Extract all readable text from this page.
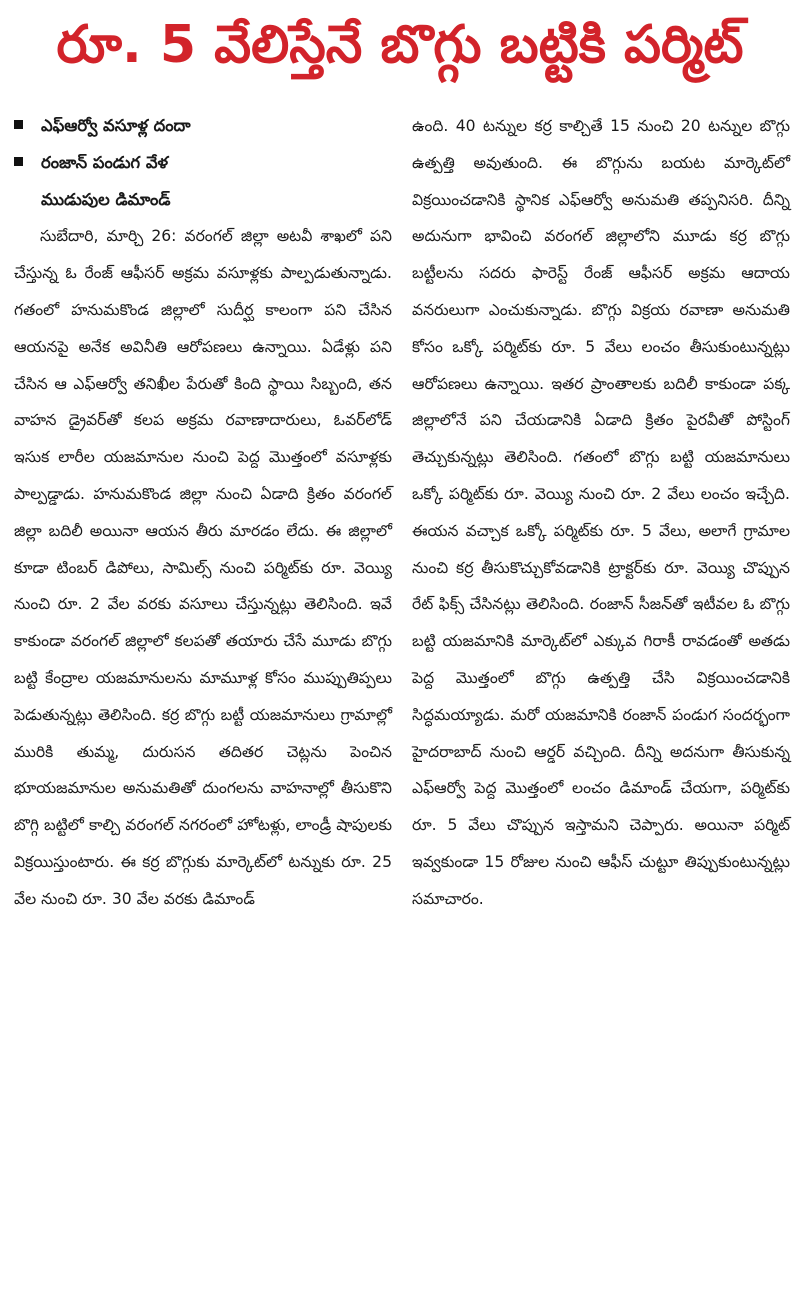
రూ. 5 వేలిస్తేనే బొగ్గు బట్టికి పర్మిట్
ఎఫ్‌ఆర్వో వసూళ్ల దందా
రంజాన్ పండుగ వేళ
ముడుపుల డిమాండ్

సుబేదారి, మార్చి 26: వరంగల్ జిల్లా అటవీ శాఖలో పని చేస్తున్న ఓ రేంజ్ ఆఫీసర్ అక్రమ వసూళ్లకు పాల్పడుతున్నాడు. గతంలో హనుమకొండ జిల్లాలో సుదీర్ఘ కాలంగా పని చేసిన ఆయనపై అనేక అవినీతి ఆరోపణలు ఉన్నాయి. ఏడేళ్లు పని చేసిన ఆ ఎఫ్‌ఆర్వో తనిఖీల పేరుతో కింది స్థాయి సిబ్బంది, తన వాహన డ్రైవర్‌తో కలప అక్రమ రవాణాదారులు, ఓవర్‌లోడ్ ఇసుక లారీల యజమానుల నుంచి పెద్ద మొత్తంలో వసూళ్లకు పాల్పడ్డాడు. హనుమకొండ జిల్లా నుంచి ఏడాది క్రితం వరంగల్ జిల్లా బదిలీ అయినా ఆయన తీరు మారడం లేదు. ఈ జిల్లాలో కూడా టింబర్ డిపోలు, సామిల్స్ నుంచి పర్మిట్‌కు రూ. వెయ్యి నుంచి రూ. 2 వేల వరకు వసూలు చేస్తున్నట్లు తెలిసింది. ఇవే కాకుండా వరంగల్ జిల్లాలో కలపతో తయారు చేసే మూడు బొగ్గు బట్టి కేంద్రాల యజమానులను మామూళ్ల కోసం ముప్పుతిప్పలు పెడుతున్నట్లు తెలిసింది. కర్ర బొగ్గు బట్టీ యజమానులు గ్రామాల్లో మురికి తుమ్మ, దురుసన తదితర చెట్లను పెంచిన భూయజమానుల అనుమతితో దుంగలను వాహనాల్లో తీసుకొని బొగ్గి బట్టిలో కాల్చి వరంగల్ నగరంలో హోటళ్లు, లాండ్రీ షాపులకు విక్రయిస్తుంటారు. ఈ కర్ర బొగ్గుకు మార్కెట్‌లో టన్నుకు రూ. 25 వేల నుంచి రూ. 30 వేల వరకు డిమాండ్

ఉంది. 40 టన్నుల కర్ర కాల్చితే 15 నుంచి 20 టన్నుల బొగ్గు ఉత్పత్తి అవుతుంది. ఈ బొగ్గును బయట మార్కెట్‌లో విక్రయించడానికి స్థానిక ఎఫ్‌ఆర్వో అనుమతి తప్పనిసరి. దీన్ని అదునుగా భావించి వరంగల్ జిల్లాలోని మూడు కర్ర బొగ్గు బట్టీలను సదరు ఫారెస్ట్ రేంజ్ ఆఫీసర్ అక్రమ ఆదాయ వనరులుగా ఎంచుకున్నాడు. బొగ్గు విక్రయ రవాణా అనుమతి కోసం ఒక్కో పర్మిట్‌కు రూ. 5 వేలు లంచం తీసుకుంటున్నట్లు ఆరోపణలు ఉన్నాయి. ఇతర ప్రాంతాలకు బదిలీ కాకుండా పక్క జిల్లాలోనే పని చేయడానికి ఏడాది క్రితం పైరవీతో పోస్టింగ్ తెచ్చుకున్నట్లు తెలిసింది. గతంలో బొగ్గు బట్టి యజమానులు ఒక్కో పర్మిట్‌కు రూ. వెయ్యి నుంచి రూ. 2 వేలు లంచం ఇచ్చేది. ఈయన వచ్చాక ఒక్కో పర్మిట్‌కు రూ. 5 వేలు, అలాగే గ్రామాల నుంచి కర్ర తీసుకొచ్చుకోవడానికి ట్రాక్టర్‌కు రూ. వెయ్యి చొప్పున రేట్ ఫిక్స్ చేసినట్లు తెలిసింది. రంజాన్ సీజన్‌తో ఇటీవల ఓ బొగ్గు బట్టి యజమానికి మార్కెట్‌లో ఎక్కువ గిరాకీ రావడంతో అతడు పెద్ద మొత్తంలో బొగ్గు ఉత్పత్తి చేసి విక్రయించడానికి సిద్ధమయ్యాడు. మరో యజమానికి రంజాన్ పండుగ సందర్భంగా హైదరాబాద్ నుంచి ఆర్డర్ వచ్చింది. దీన్ని అదనుగా తీసుకున్న ఎఫ్‌ఆర్వో పెద్ద మొత్తంలో లంచం డిమాండ్ చేయగా, పర్మిట్‌కు రూ. 5 వేలు చొప్పున ఇస్తామని చెప్పారు. అయినా పర్మిట్ ఇవ్వకుండా 15 రోజుల నుంచి ఆఫీస్ చుట్టూ తిప్పుకుంటున్నట్లు సమాచారం.
